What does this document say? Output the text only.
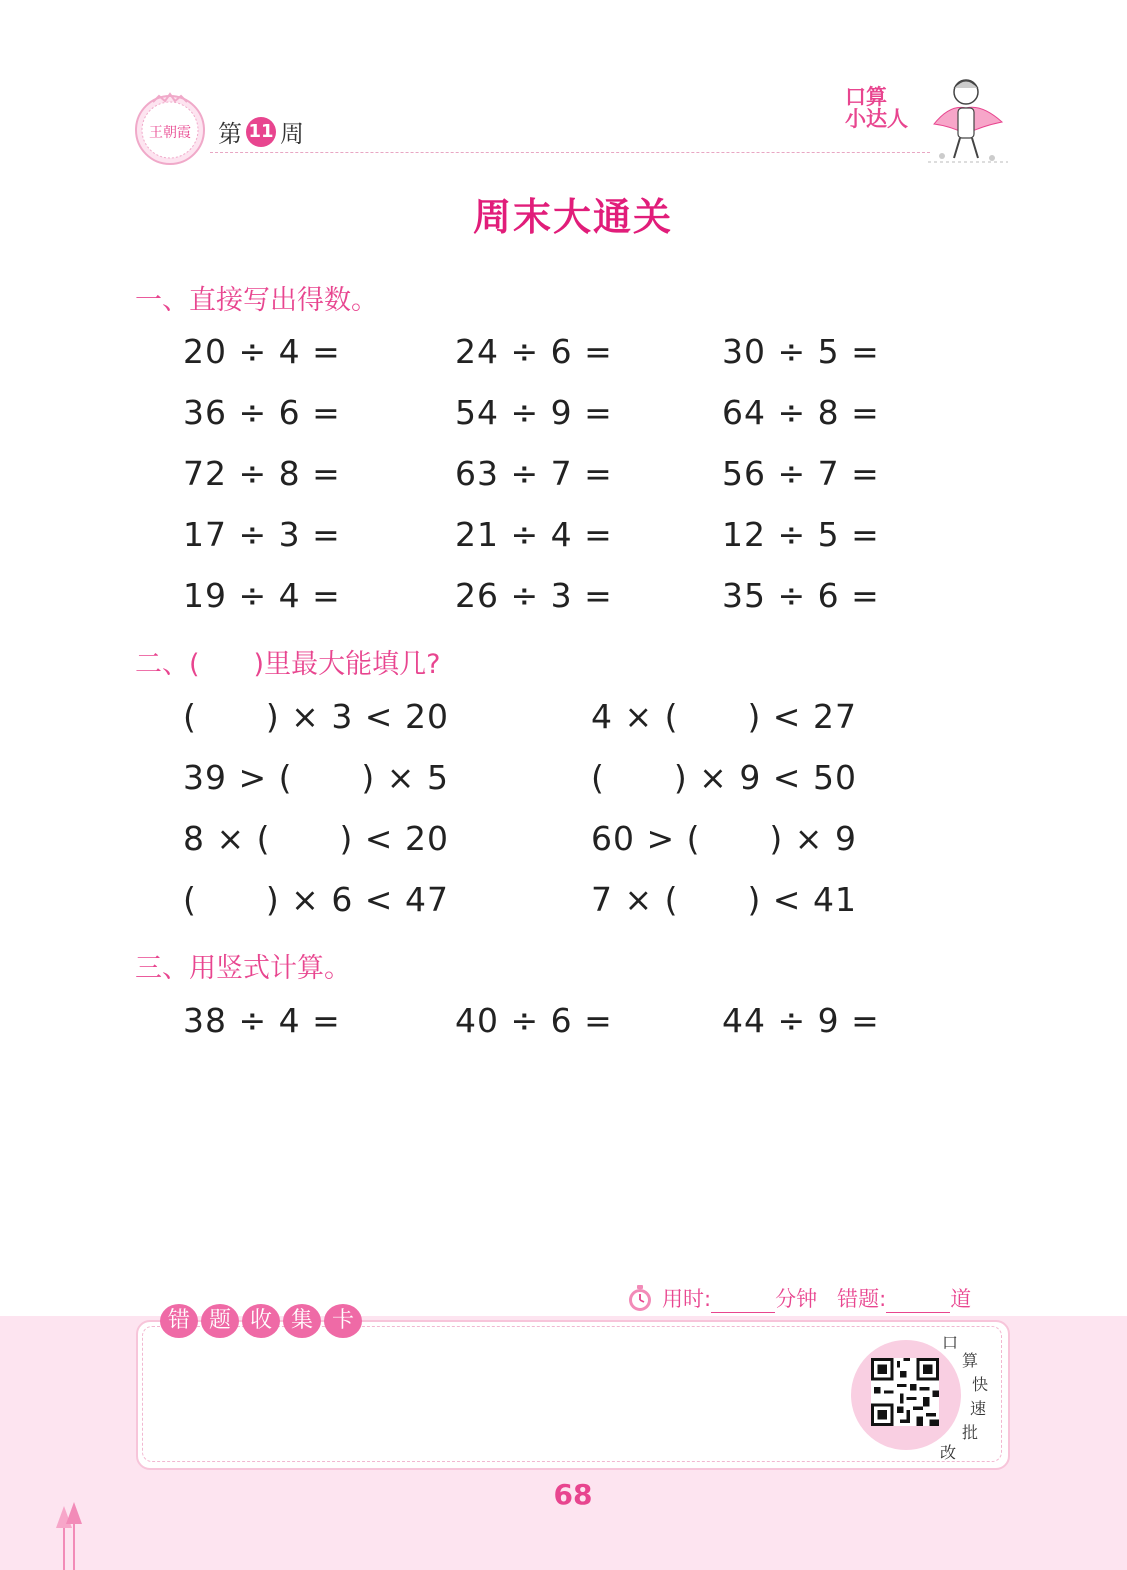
王朝霞 第 11 周
口算
小达人
周末大通关
一、直接写出得数。
20 ÷ 4 =	24 ÷ 6 =	30 ÷ 5 =
36 ÷ 6 =	54 ÷ 9 =	64 ÷ 8 =
72 ÷ 8 =	63 ÷ 7 =	56 ÷ 7 =
17 ÷ 3 =	21 ÷ 4 =	12 ÷ 5 =
19 ÷ 4 =	26 ÷ 3 =	35 ÷ 6 =
二、(　　)里最大能填几?
(      ) × 3 < 20	4 × (      ) < 27
39 > (      ) × 5	(      ) × 9 < 50
8 × (      ) < 20	60 > (      ) × 9
(      ) × 6 < 47	7 × (      ) < 41
三、用竖式计算。
38 ÷ 4 =	40 ÷ 6 =	44 ÷ 9 =
用时:	分钟 错题:	道
错 题 收 集 卡
口
算
快
速
批
改
68
